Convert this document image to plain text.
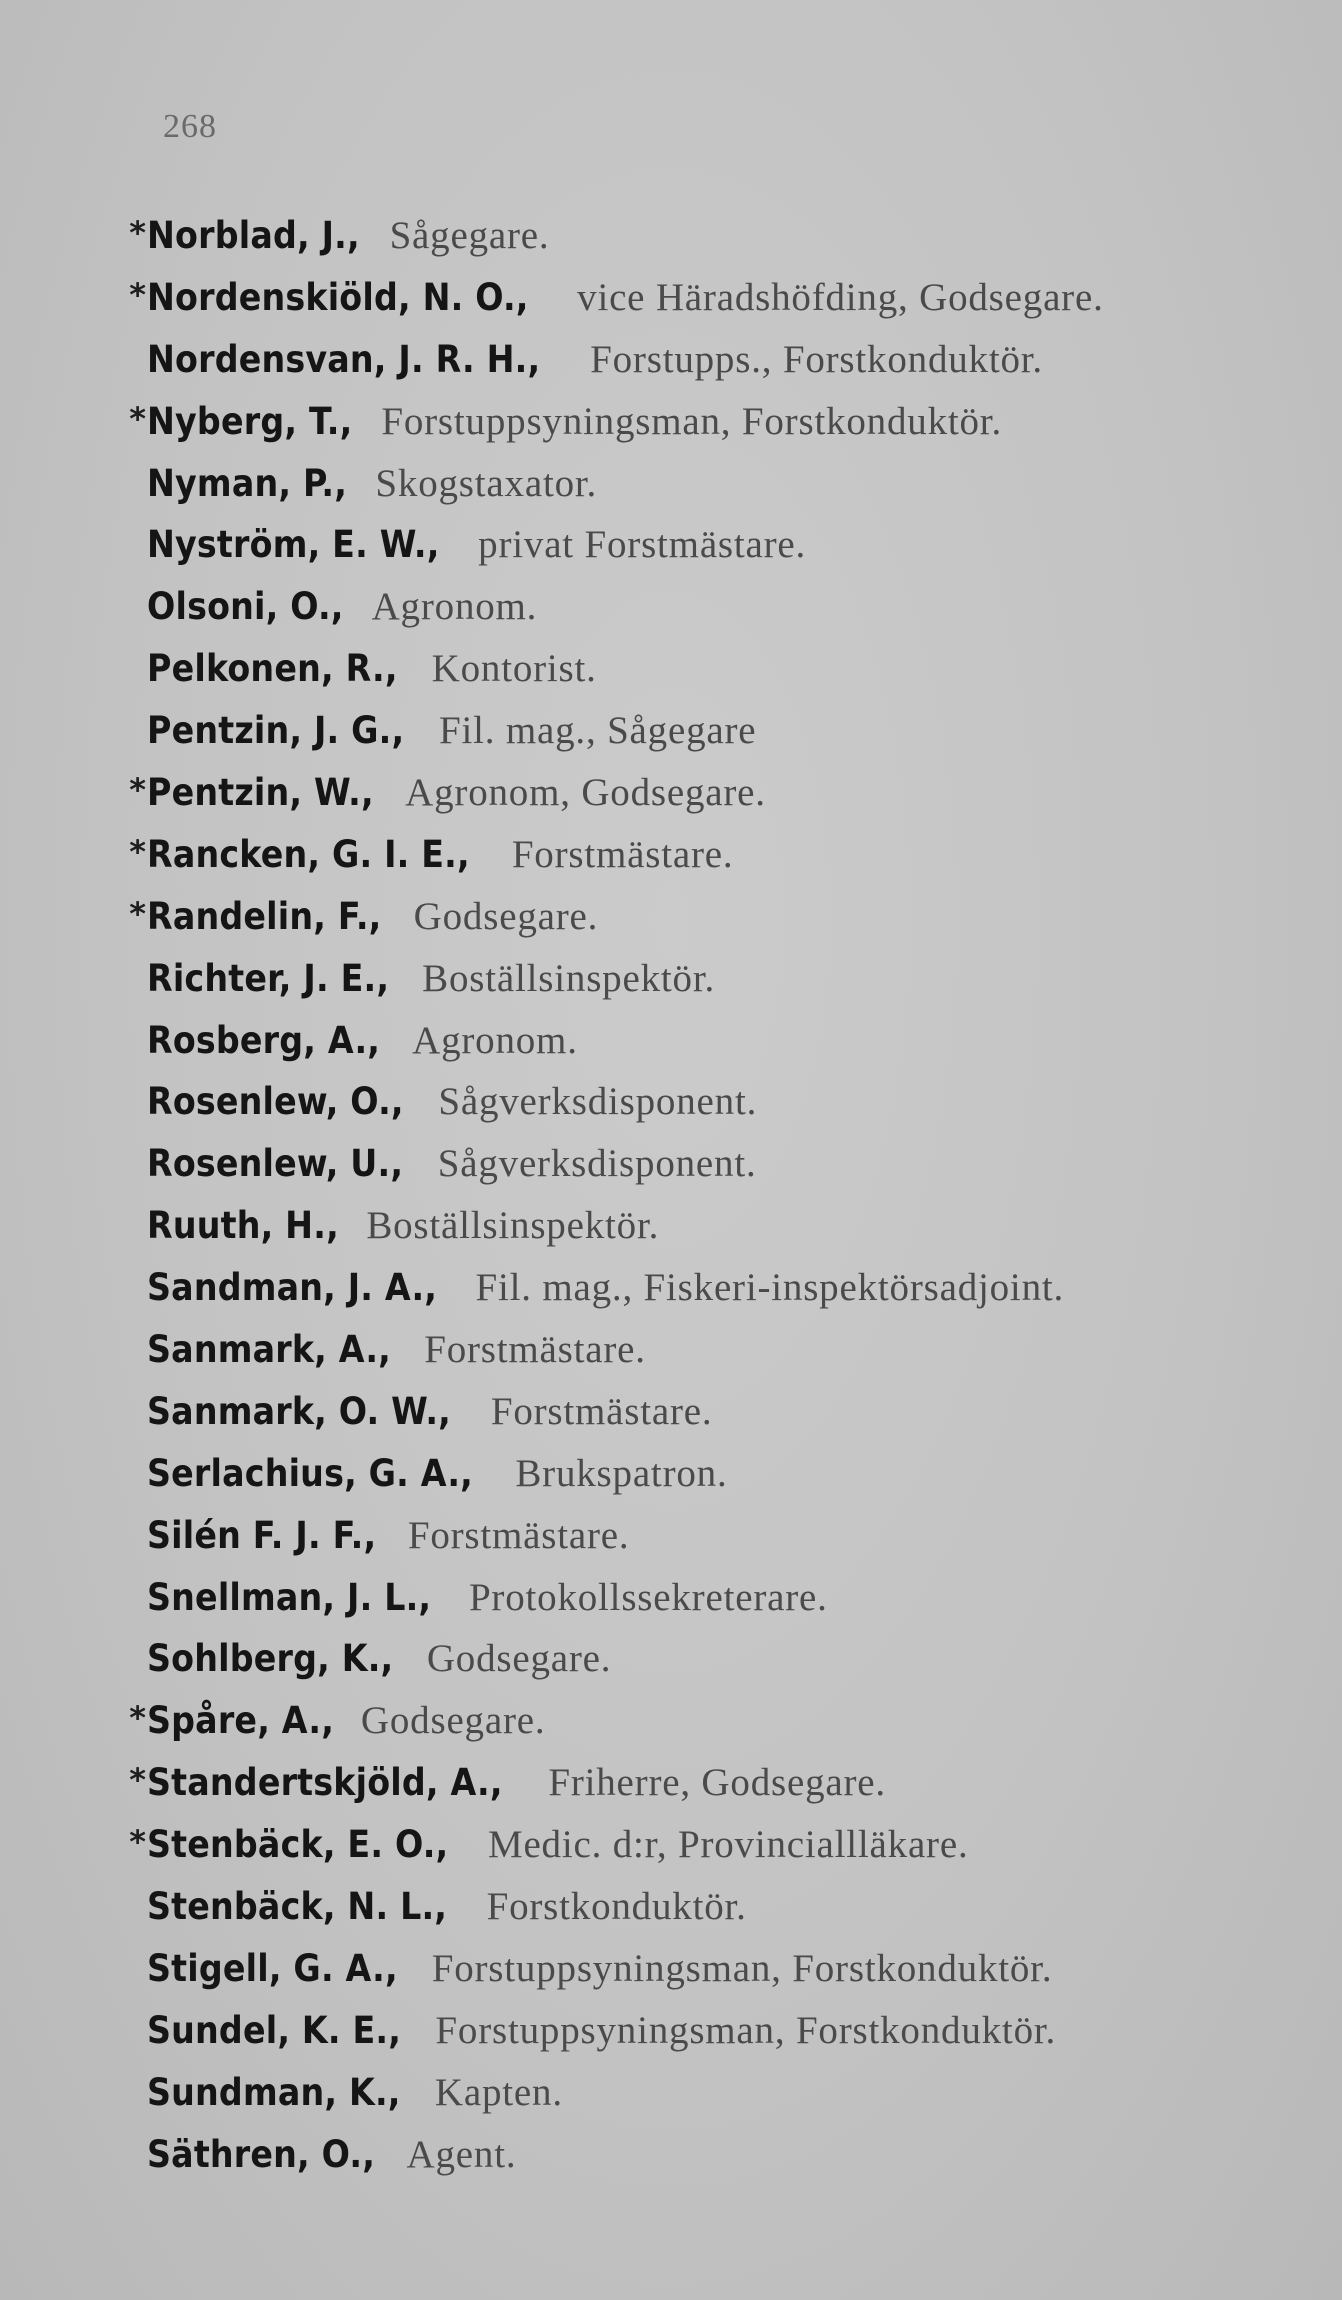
268
*Norblad, J., Sågegare.
*Nordenskiöld, N. O., vice Häradshöfding, Godsegare.
Nordensvan, J. R. H., Forstupps., Forstkonduktör.
*Nyberg, T., Forstuppsyningsman, Forstkonduktör.
Nyman, P., Skogstaxator.
Nyström, E. W., privat Forstmästare.
Olsoni, O., Agronom.
Pelkonen, R., Kontorist.
Pentzin, J. G., Fil. mag., Sågegare
*Pentzin, W., Agronom, Godsegare.
*Rancken, G. I. E., Forstmästare.
*Randelin, F., Godsegare.
Richter, J. E., Boställsinspektör.
Rosberg, A., Agronom.
Rosenlew, O., Sågverksdisponent.
Rosenlew, U., Sågverksdisponent.
Ruuth, H., Boställsinspektör.
Sandman, J. A., Fil. mag., Fiskeri-inspektörsadjoint.
Sanmark, A., Forstmästare.
Sanmark, O. W., Forstmästare.
Serlachius, G. A., Brukspatron.
Silén F. J. F., Forstmästare.
Snellman, J. L., Protokollssekreterare.
Sohlberg, K., Godsegare.
*Spåre, A., Godsegare.
*Standertskjöld, A., Friherre, Godsegare.
*Stenbäck, E. O., Medic. d:r, Provinciallläkare.
Stenbäck, N. L., Forstkonduktör.
Stigell, G. A., Forstuppsyningsman, Forstkonduktör.
Sundel, K. E., Forstuppsyningsman, Forstkonduktör.
Sundman, K., Kapten.
Säthren, O., Agent.
